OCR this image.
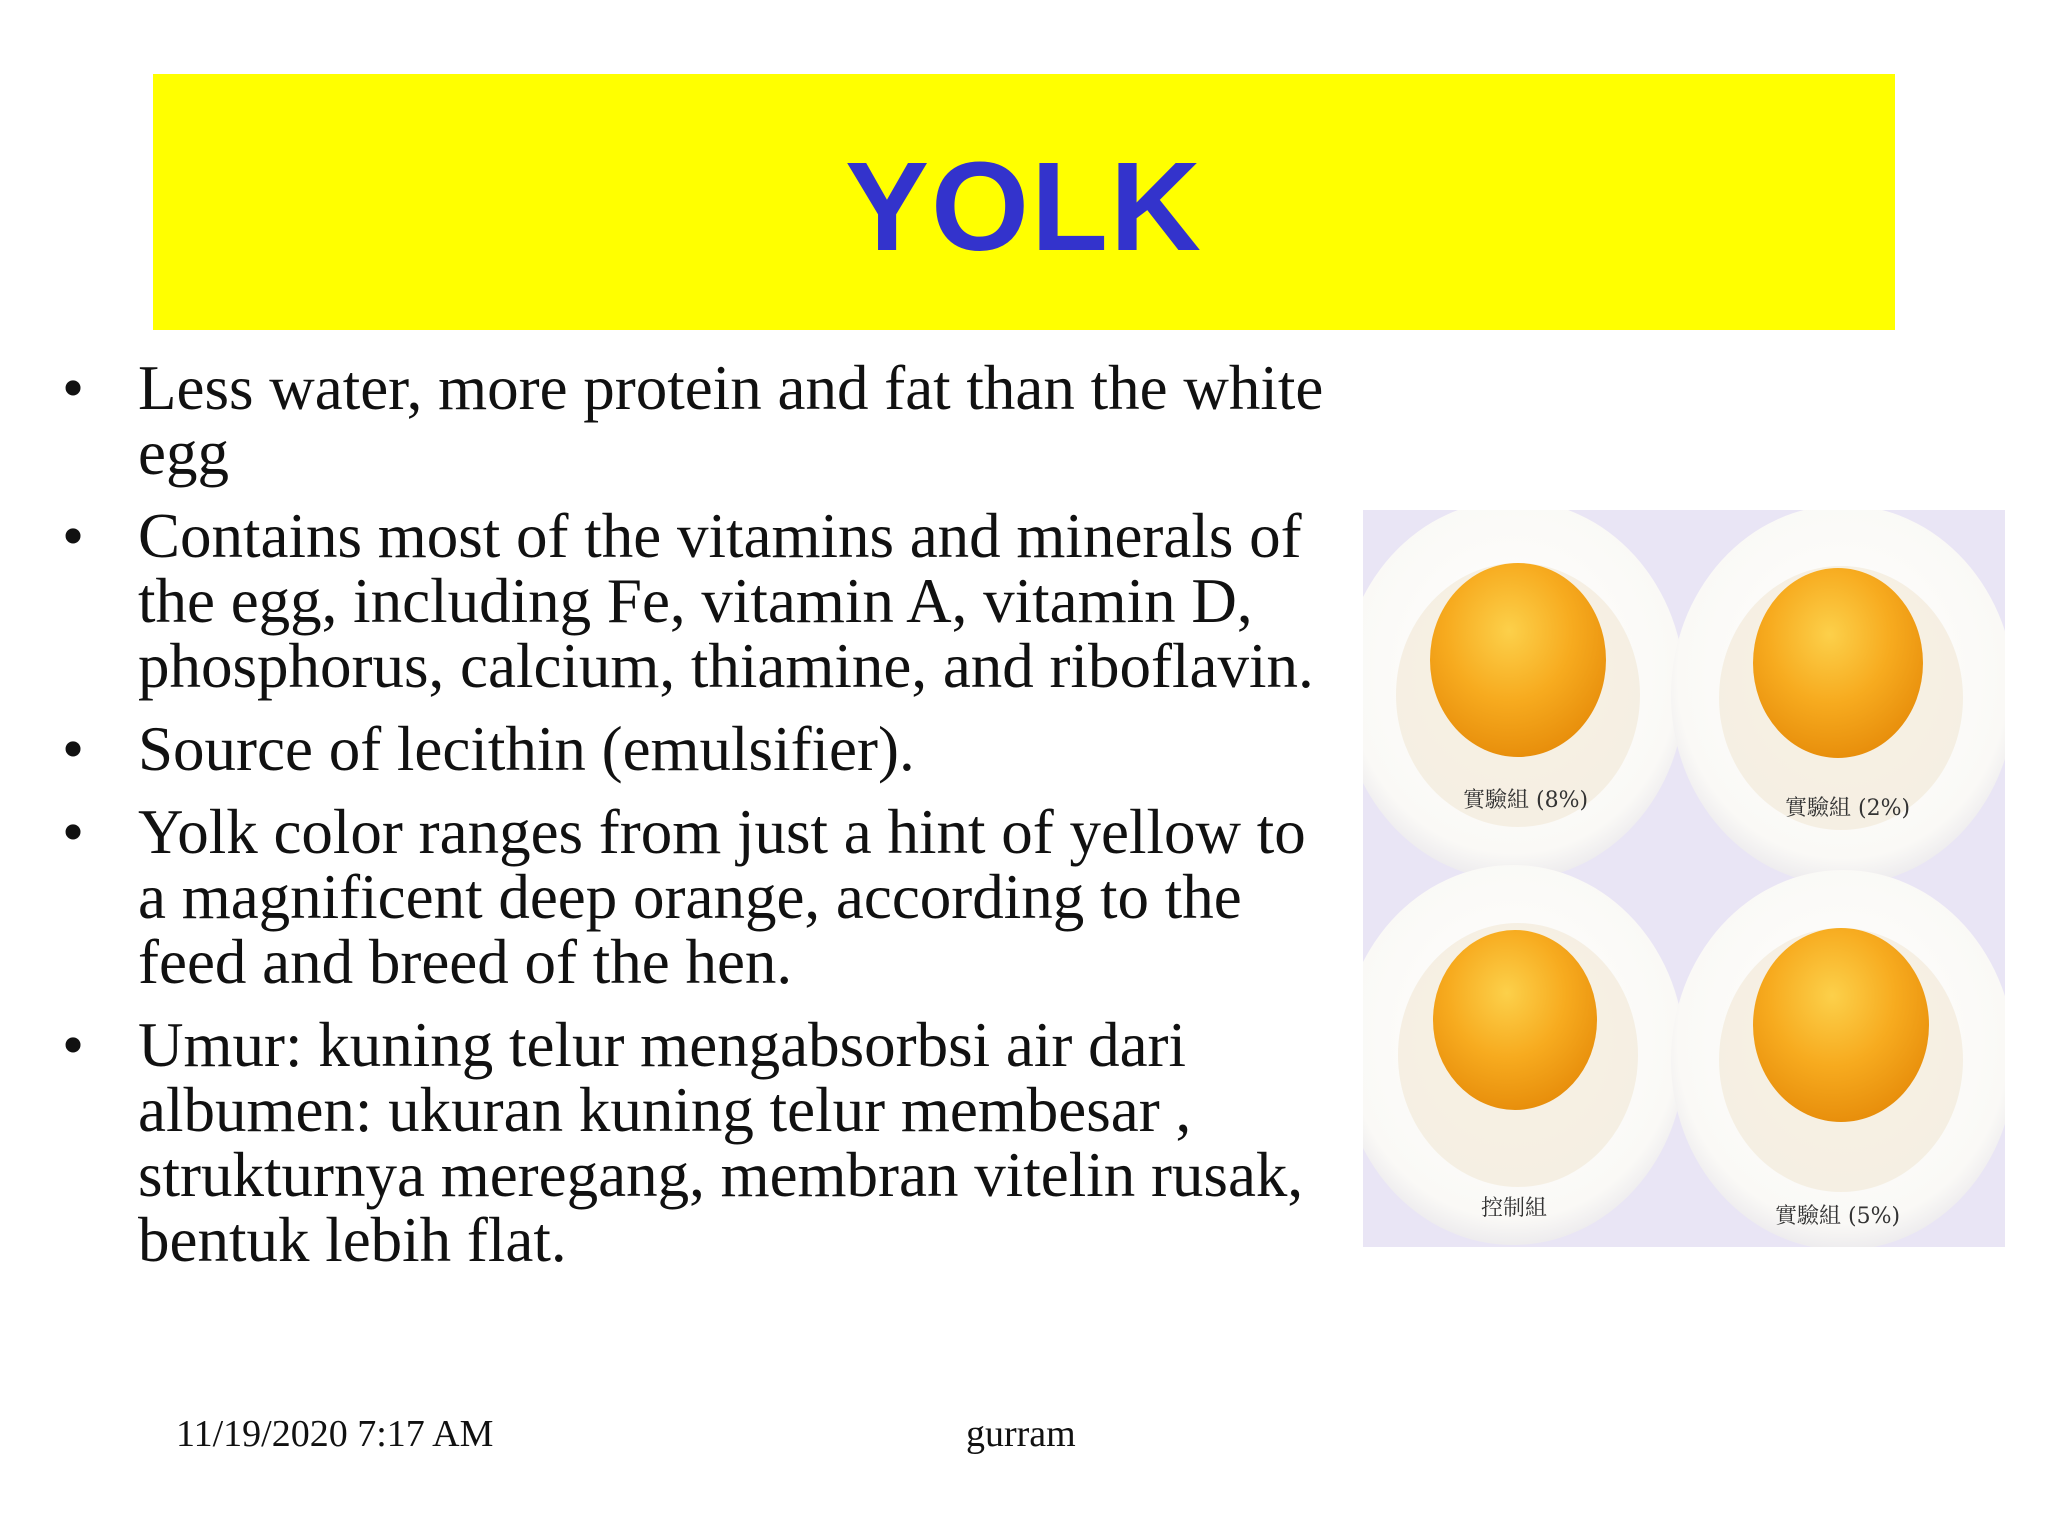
YOLK
• Less water, more protein and fat than the white egg
• Contains most of the vitamins and minerals of the egg, including Fe, vitamin A, vitamin D, phosphorus, calcium, thiamine, and riboflavin.
• Source of lecithin (emulsifier).
• Yolk color ranges from just a hint of yellow to a magnificent deep orange, according to the feed and breed of the hen.
• Umur: kuning telur mengabsorbsi air dari albumen: ukuran kuning telur membesar , strukturnya meregang, membran vitelin rusak, bentuk lebih flat.
實驗組 (8%)	實驗組 (2%)
控制組	實驗組 (5%)
11/19/2020 7:17 AM	gurram
